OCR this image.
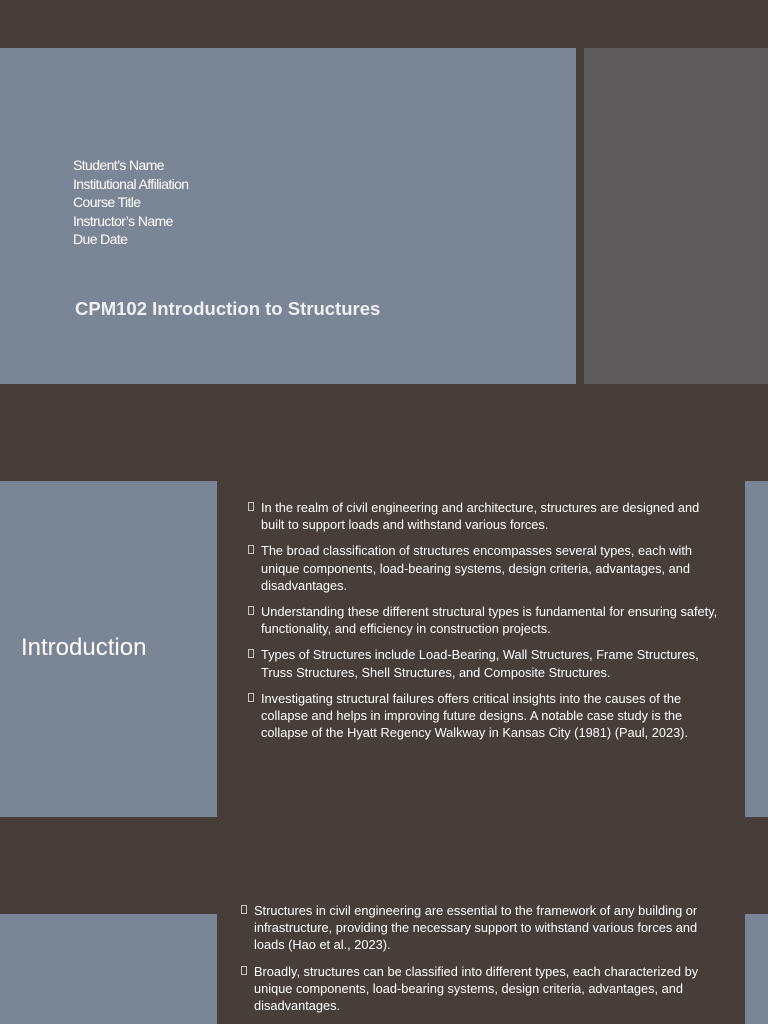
Student’s Name
Institutional Affiliation
Course Title
Instructor’s Name
Due Date
CPM102 Introduction to Structures
Introduction
In the realm of civil engineering and architecture, structures are designed and built to support loads and withstand various forces.
The broad classification of structures encompasses several types, each with unique components, load-bearing systems, design criteria, advantages, and disadvantages.
Understanding these different structural types is fundamental for ensuring safety, functionality, and efficiency in construction projects.
Types of Structures include Load-Bearing, Wall Structures, Frame Structures, Truss Structures, Shell Structures, and Composite Structures.
Investigating structural failures offers critical insights into the causes of the collapse and helps in improving future designs. A notable case study is the collapse of the Hyatt Regency Walkway in Kansas City (1981) (Paul, 2023).
Structures in civil engineering are essential to the framework of any building or infrastructure, providing the necessary support to withstand various forces and loads (Hao et al., 2023).
Broadly, structures can be classified into different types, each characterized by unique components, load-bearing systems, design criteria, advantages, and disadvantages.
